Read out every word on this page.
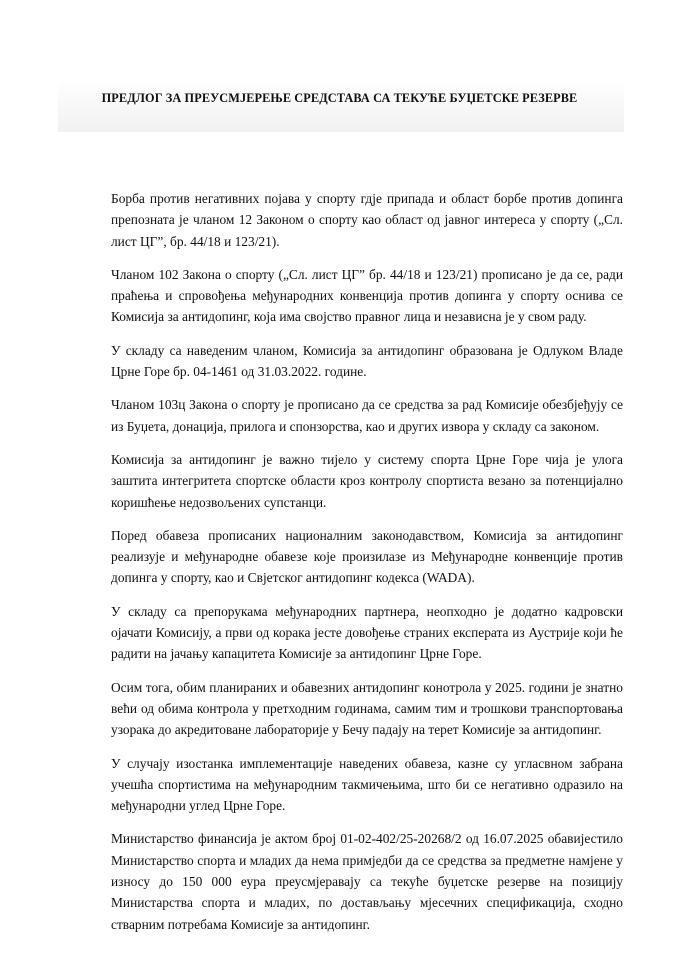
ПРЕДЛОГ ЗА ПРЕУСМЈЕРЕЊЕ СРЕДСТАВА СА ТЕКУЋЕ БУЏЕТСКЕ РЕЗЕРВЕ

Борба против негативних појава у спорту гдје припада и област борбе против допинга препозната је чланом 12 Законом о спорту као област од јавног интереса у спорту („Сл. лист ЦГ”, бр. 44/18 и 123/21).

Чланом 102 Закона о спорту („Сл. лист ЦГ” бр. 44/18 и 123/21) прописано је да се, ради праћења и спровођења међународних конвенција против допинга у спорту оснива се Комисија за антидопинг, која има својство правног лица и независна је у свом раду.

У складу са наведеним чланом, Комисија за антидопинг образована је Одлуком Владе Црне Горе бр. 04-1461 од 31.03.2022. године.

Чланом 103ц Закона о спорту је прописано да се средства за рад Комисије обезбјеђују се из Буџета, донација, прилога и спонзорства, као и других извора у складу са законом.

Комисија за антидопинг је важно тијело у систему спорта Црне Горе чија је улога заштита интегритета спортске области кроз контролу спортиста везано за потенцијално коришћење недозвољених супстанци.

Поред обавеза прописаних националним законодавством, Комисија за антидопинг реализује и међународне обавезе које произилазе из Међународне конвенције против допинга у спорту, као и Свјетског антидопинг кодекса (WADA).

У складу са препорукама међународних партнера, неопходно је додатно кадровски ојачати Комисију, а први од корака јесте довођење страних експерата из Аустрије који ће радити на јачању капацитета Комисије за антидопинг Црне Горе.

Осим тога, обим планираних и обавезних антидопинг конотрола у 2025. години је знатно већи од обима контрола у претходним годинама, самим тим и трошкови транспортовања узорака до акредитоване лабораторије у Бечу падају на терет Комисије за антидопинг.

У случају изостанка имплементације наведених обавеза, казне су угласвном забрана учешћа спортистима на међународним такмичењима, што би се негативно одразило на међународни углед Црне Горе.

Министарство финансија је актом број 01-02-402/25-20268/2 од 16.07.2025 обавијестило Министарство спорта и младих да нема примједби да се средства за предметне намјене у износу до 150 000 еура преусмјеравају са текуће буџетске резерве на позицију Министарства спорта и младих, по достављању мјесечних спецификација, сходно стварним потребама Комисије за антидопинг.
